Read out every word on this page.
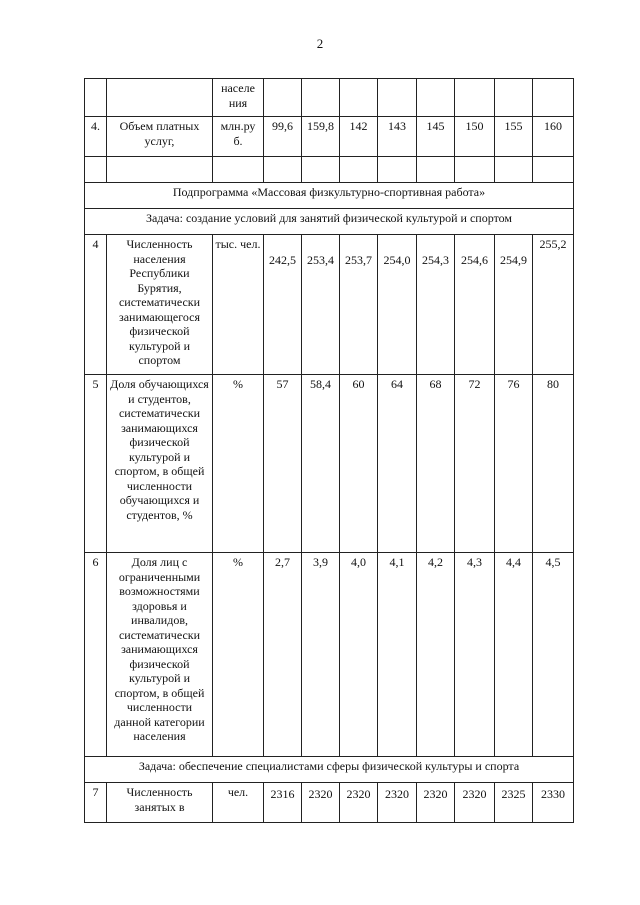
2
		населе ния								
4.	Объем платных услуг,	млн.ру б.	99,6	159,8	142	143	145	150	155	160

Подпрограмма «Массовая физкультурно-спортивная работа»										
Задача: создание условий для занятий физической культурой и спортом										
4	Численность населения Республики Бурятия, систематически занимающегося физической культурой и спортом	тыс. чел.	242,5	253,4	253,7	254,0	254,3	254,6	254,9	255,2
5	Доля обучающихся и студентов, систематически занимающихся физической культурой и спортом, в общей численности обучающихся и студентов, %	%	57	58,4	60	64	68	72	76	80
6	Доля лиц с ограниченными возможностями здоровья и инвалидов, систематически занимающихся физической культурой и спортом, в общей численности данной категории населения	%	2,7	3,9	4,0	4,1	4,2	4,3	4,4	4,5
Задача: обеспечение специалистами сферы физической культуры и спорта										
7	Численность занятых в	чел.	2316	2320	2320	2320	2320	2320	2325	2330
